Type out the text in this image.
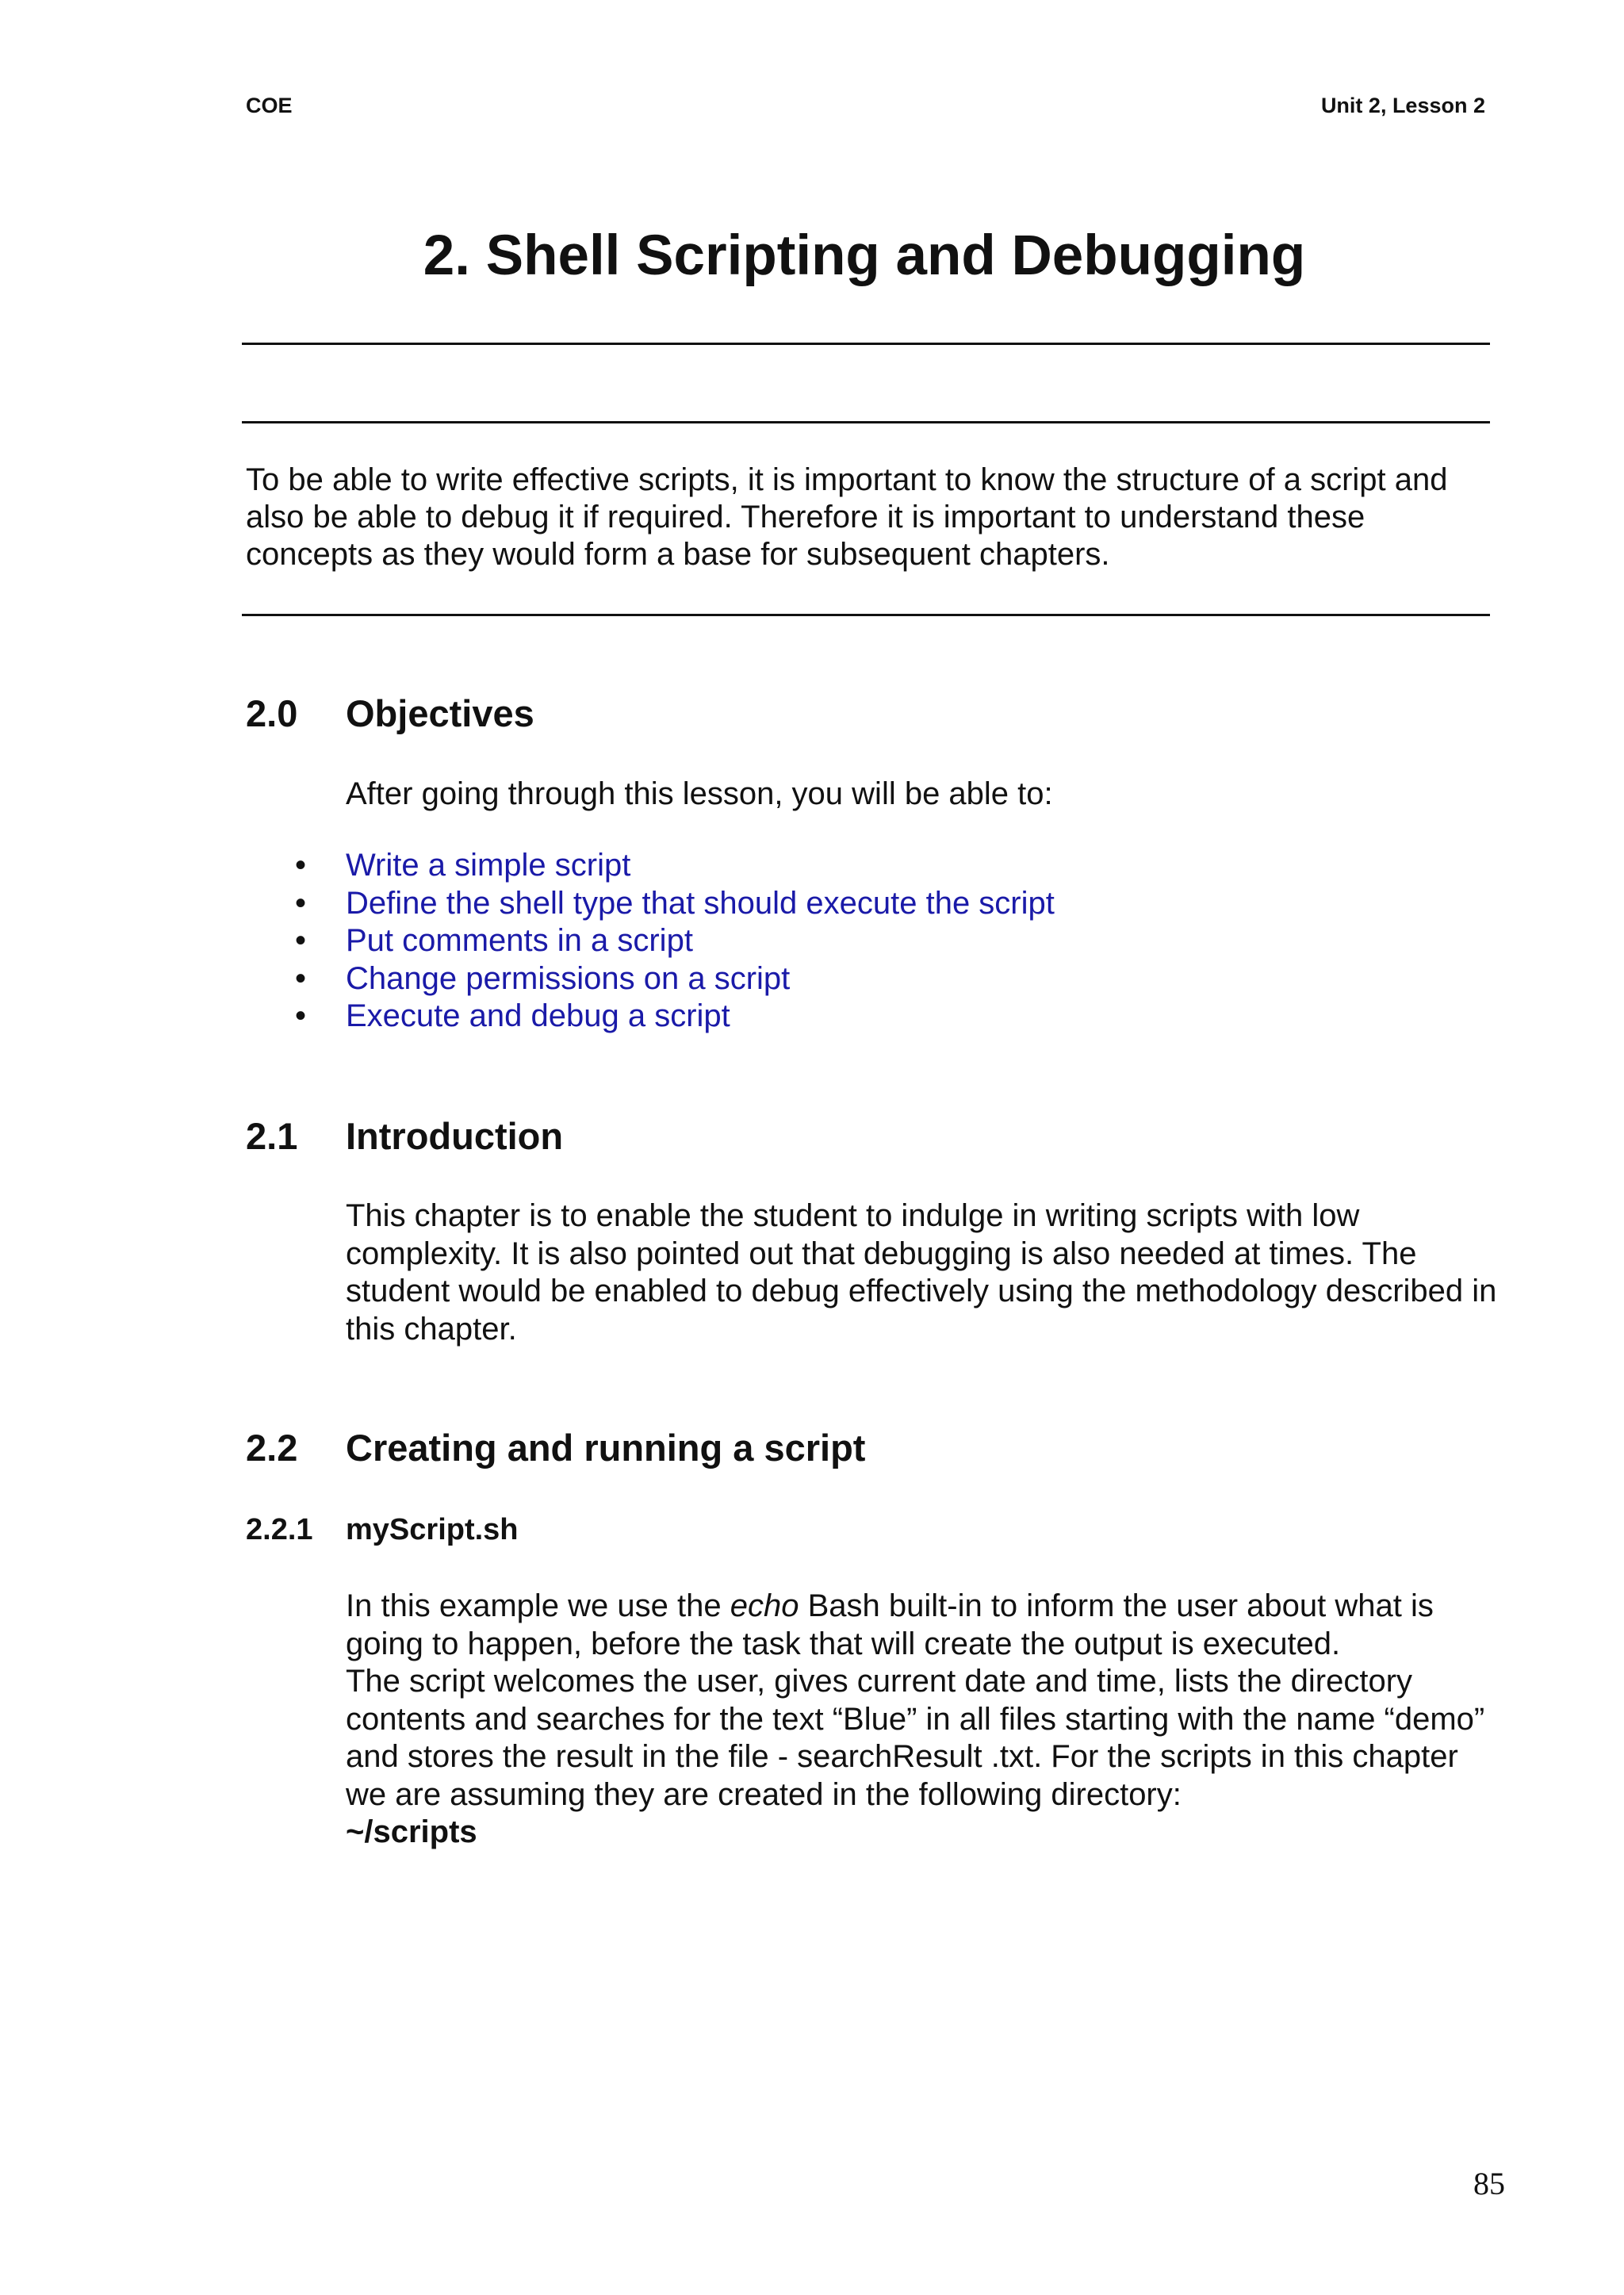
COE	Unit 2, Lesson 2
2. Shell Scripting and Debugging
To be able to write effective scripts, it is important to know the structure of a script and also be able to debug it if required. Therefore it is important to understand these concepts as they would form a base for subsequent chapters.
2.0 Objectives
After going through this lesson, you will be able to:
• Write a simple script
• Define the shell type that should execute the script
• Put comments in a script
• Change permissions on a script
• Execute and debug a script
2.1 Introduction
This chapter is to enable the student to indulge in writing scripts with low complexity. It is also pointed out that debugging is also needed at times. The student would be enabled to debug effectively using the methodology described in this chapter.
2.2 Creating and running a script
2.2.1 myScript.sh
In this example we use the echo Bash built-in to inform the user about what is going to happen, before the task that will create the output is executed.
The script welcomes the user, gives current date and time, lists the directory contents and searches for the text “Blue” in all files starting with the name “demo” and stores the result in the file - searchResult .txt. For the scripts in this chapter we are assuming they are created in the following directory:
~/scripts
85
